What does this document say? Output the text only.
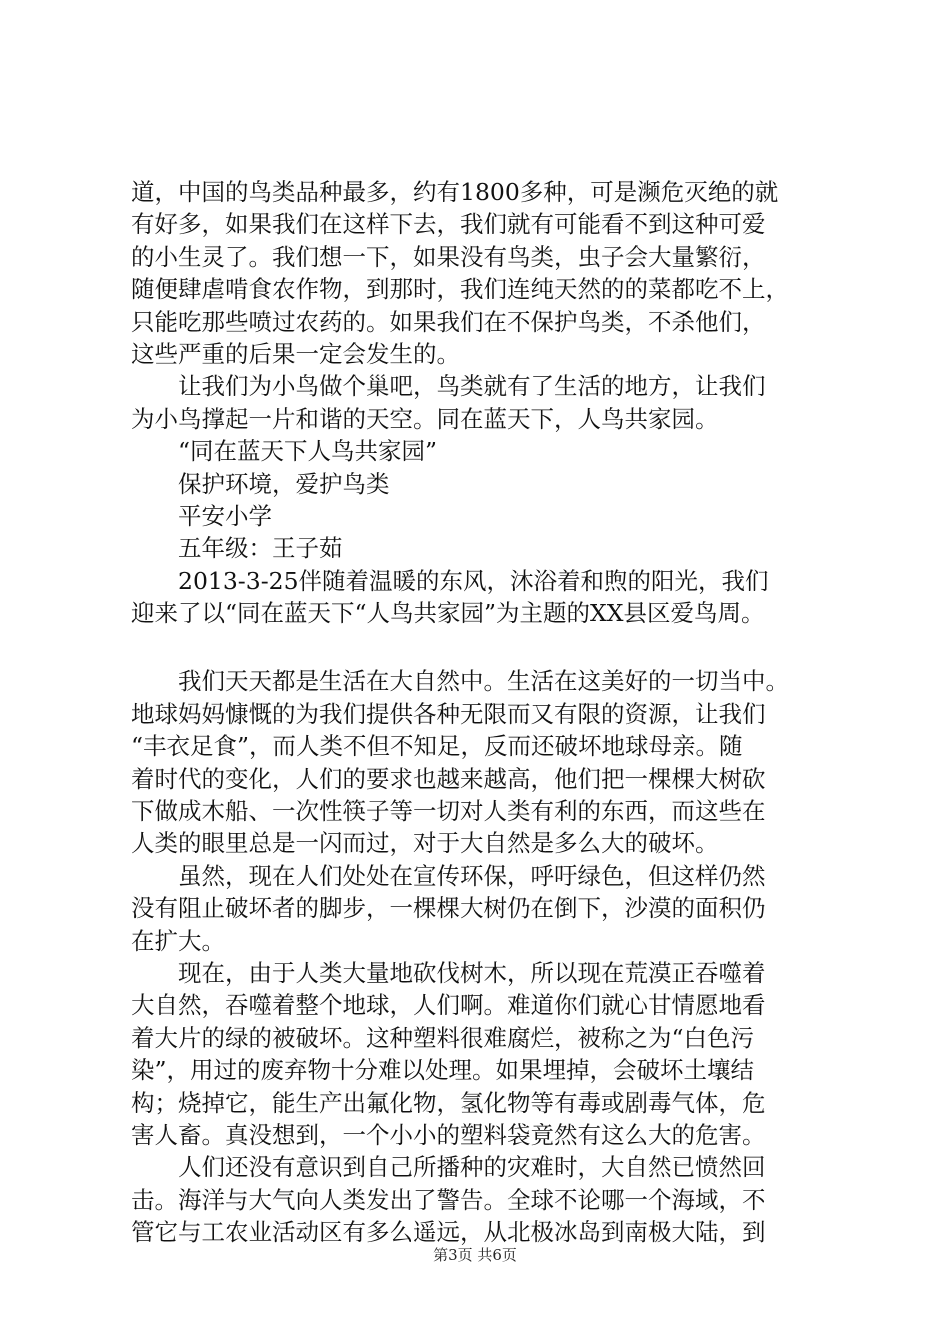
道，中国的鸟类品种最多，约有1800多种，可是濒危灭绝的就
有好多，如果我们在这样下去，我们就有可能看不到这种可爱
的小生灵了。我们想一下，如果没有鸟类，虫子会大量繁衍，
随便肆虐啃食农作物，到那时，我们连纯天然的的菜都吃不上，
只能吃那些喷过农药的。如果我们在不保护鸟类，不杀他们，
这些严重的后果一定会发生的。
让我们为小鸟做个巢吧，鸟类就有了生活的地方，让我们
为小鸟撑起一片和谐的天空。同在蓝天下，人鸟共家园。
“同在蓝天下人鸟共家园”
保护环境，爱护鸟类
平安小学
五年级：王子茹
2013-3-25伴随着温暖的东风，沐浴着和煦的阳光，我们
迎来了以“同在蓝天下“人鸟共家园”为主题的XX县区爱鸟周。
我们天天都是生活在大自然中。生活在这美好的一切当中。
地球妈妈慷慨的为我们提供各种无限而又有限的资源，让我们
“丰衣足食”，而人类不但不知足，反而还破坏地球母亲。随
着时代的变化，人们的要求也越来越高，他们把一棵棵大树砍
下做成木船、一次性筷子等一切对人类有利的东西，而这些在
人类的眼里总是一闪而过，对于大自然是多么大的破坏。
虽然，现在人们处处在宣传环保，呼吁绿色，但这样仍然
没有阻止破坏者的脚步，一棵棵大树仍在倒下，沙漠的面积仍
在扩大。
现在，由于人类大量地砍伐树木，所以现在荒漠正吞噬着
大自然，吞噬着整个地球，人们啊。难道你们就心甘情愿地看
着大片的绿的被破坏。这种塑料很难腐烂，被称之为“白色污
染”，用过的废弃物十分难以处理。如果埋掉，会破坏土壤结
构；烧掉它，能生产出氟化物，氢化物等有毒或剧毒气体，危
害人畜。真没想到，一个小小的塑料袋竟然有这么大的危害。
人们还没有意识到自己所播种的灾难时，大自然已愤然回
击。海洋与大气向人类发出了警告。全球不论哪一个海域，不
管它与工农业活动区有多么遥远，从北极冰岛到南极大陆，到
第3页 共6页
